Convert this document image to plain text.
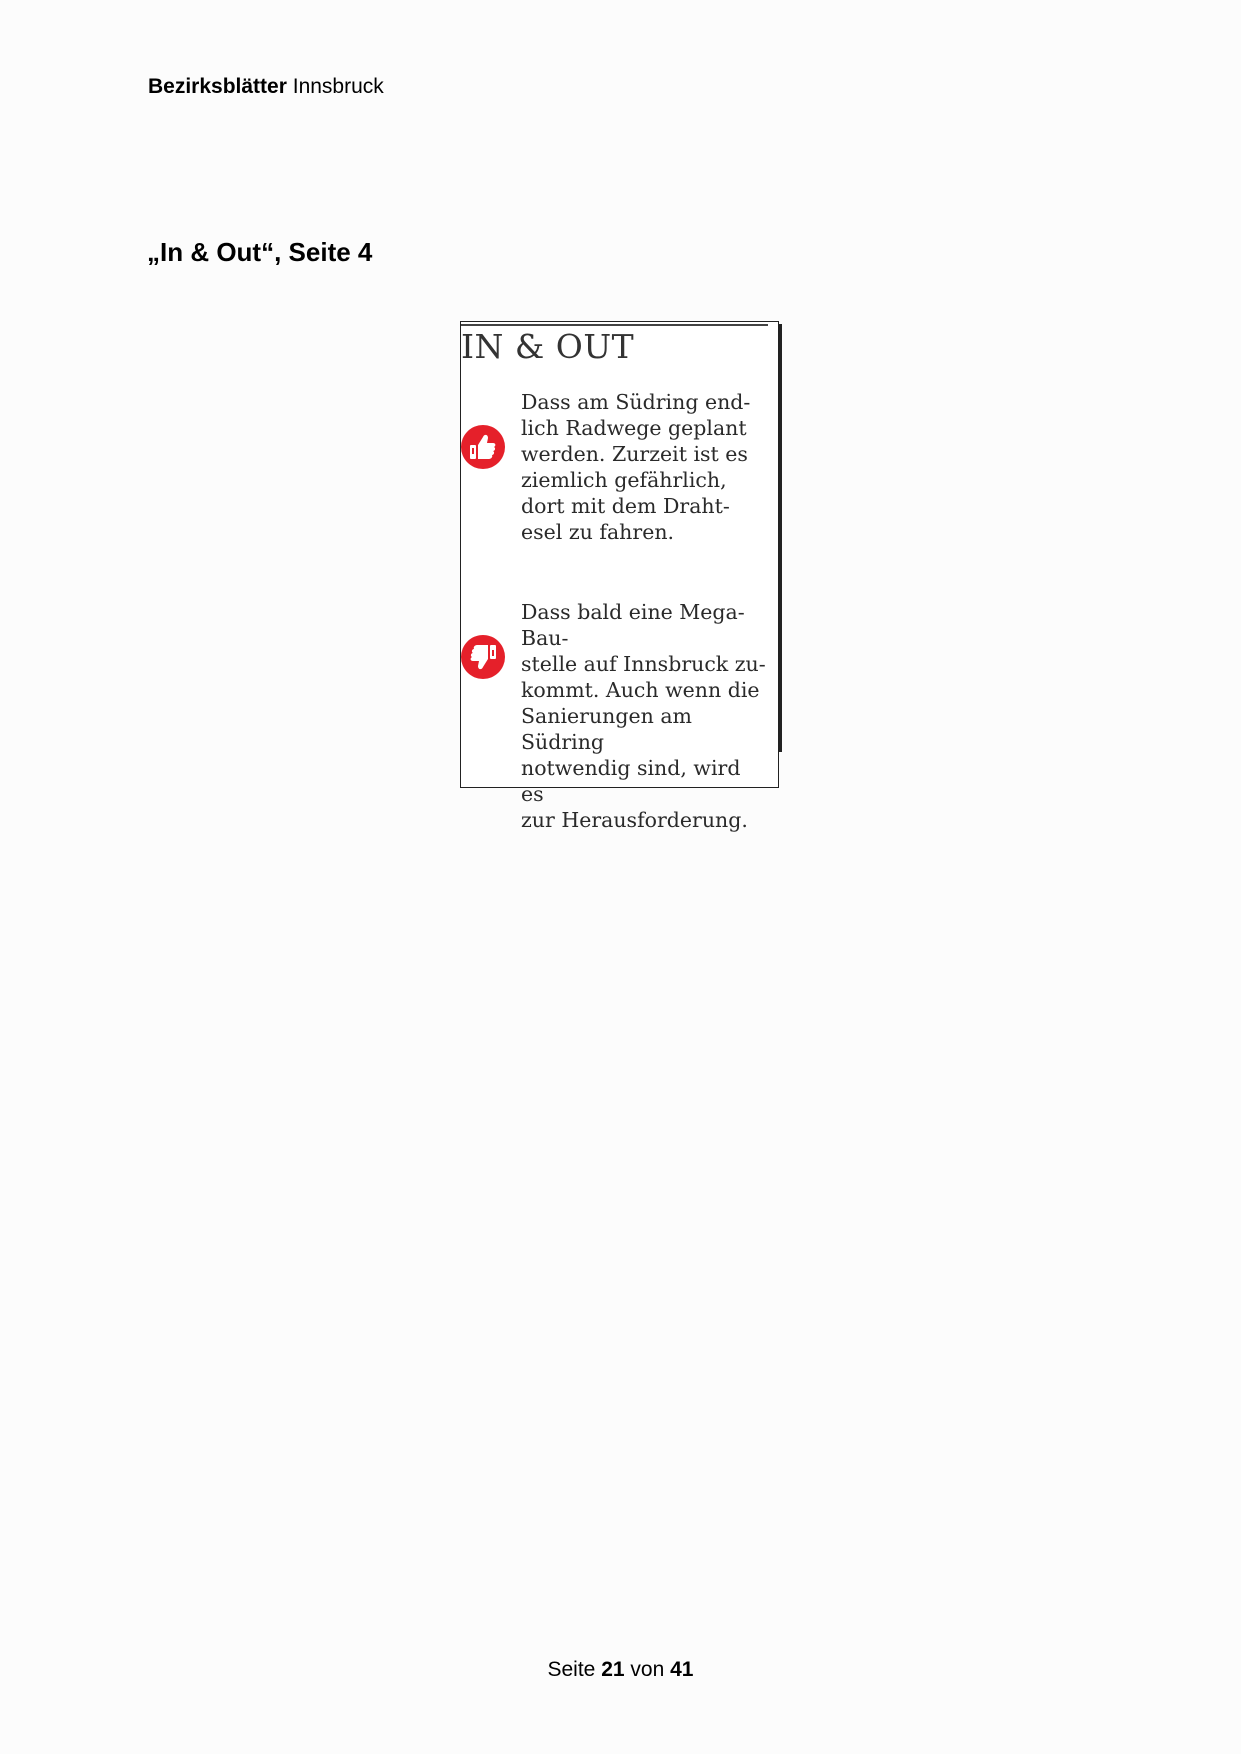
Bezirksblätter Innsbruck
„In & Out“, Seite 4
IN & OUT

Dass am Südring end-
lich Radwege geplant
werden. Zurzeit ist es
ziemlich gefährlich,
dort mit dem Draht-
esel zu fahren.

Dass bald eine Mega-Bau-
stelle auf Innsbruck zu-
kommt. Auch wenn die
Sanierungen am Südring
notwendig sind, wird es
zur Herausforderung.

Seite 21 von 41
